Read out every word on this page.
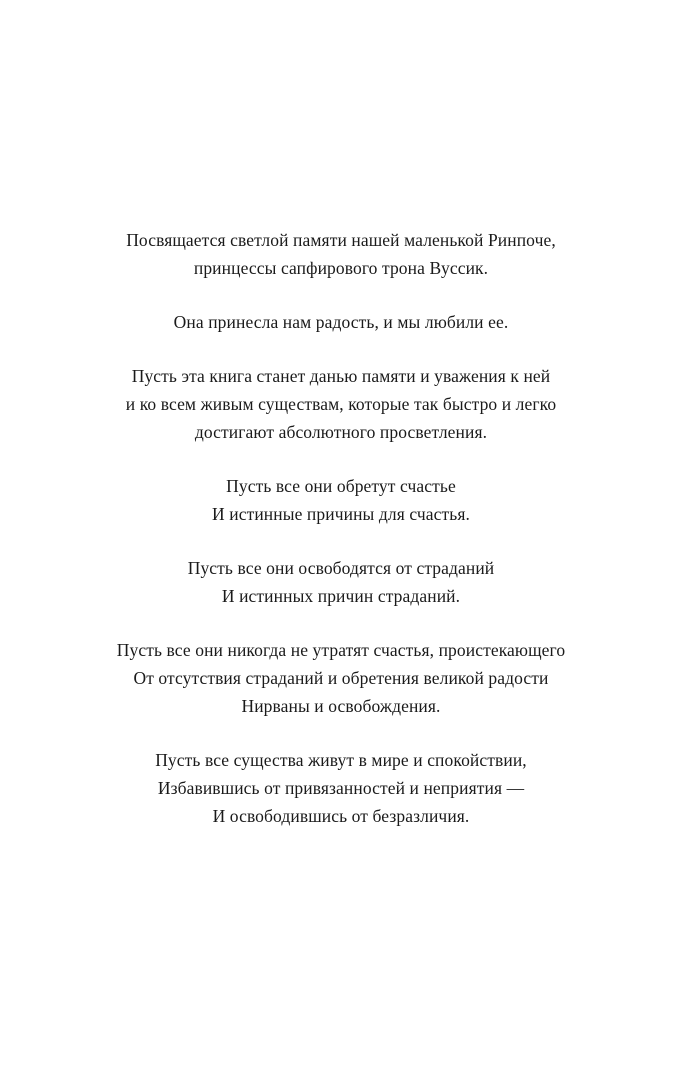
Посвящается светлой памяти нашей маленькой Ринпоче,
принцессы сапфирового трона Вуссик.

Она принесла нам радость, и мы любили ее.

Пусть эта книга станет данью памяти и уважения к ней
и ко всем живым существам, которые так быстро и легко
достигают абсолютного просветления.

Пусть все они обретут счастье
И истинные причины для счастья.

Пусть все они освободятся от страданий
И истинных причин страданий.

Пусть все они никогда не утратят счастья, проистекающего
От отсутствия страданий и обретения великой радости
Нирваны и освобождения.

Пусть все существа живут в мире и спокойствии,
Избавившись от привязанностей и неприятия —
И освободившись от безразличия.
